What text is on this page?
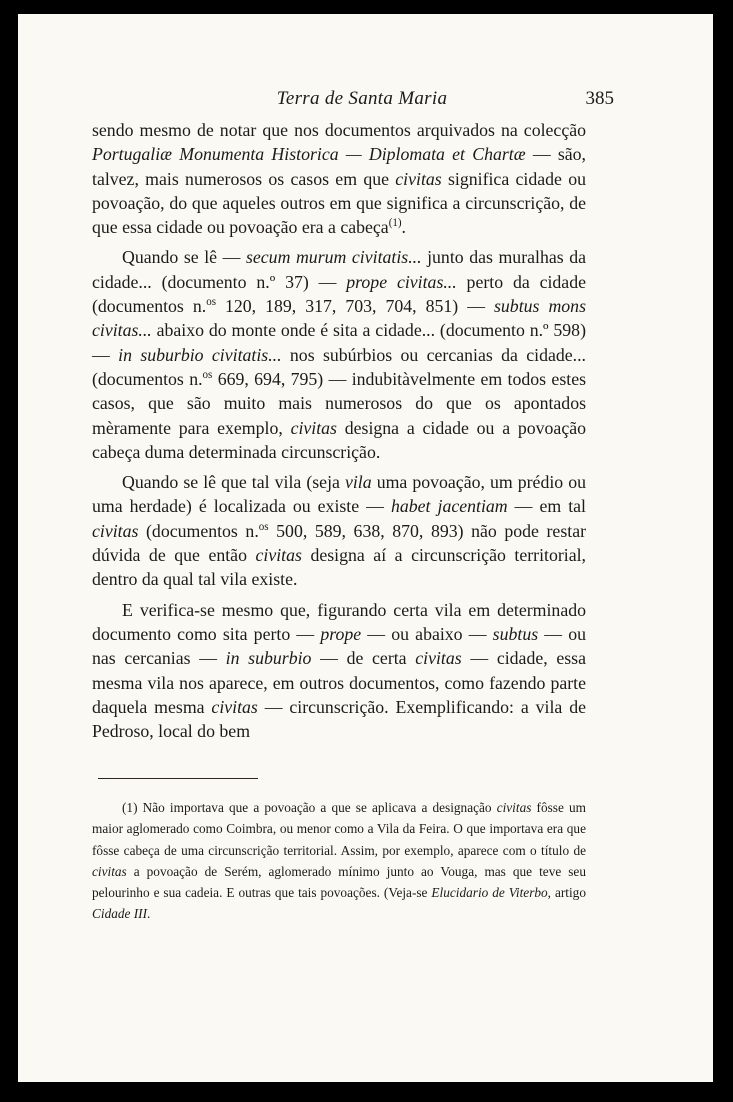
Terra de Santa Maria	385

sendo mesmo de notar que nos documentos arquivados na colecção Portugaliæ Monumenta Historica — Diplomata et Chartæ — são, talvez, mais numerosos os casos em que civitas significa cidade ou povoação, do que aqueles outros em que significa a circunscrição, de que essa cidade ou povoação era a cabeça$^{(1)}$.

Quando se lê — secum murum civitatis... junto das muralhas da cidade... (documento n.º 37) — prope civitas... perto da cidade (documentos n.$^{os}$ 120, 189, 317, 703, 704, 851) — subtus mons civitas... abaixo do monte onde é sita a cidade... (documento n.º 598) — in suburbio civitatis... nos subúrbios ou cercanias da cidade... (documentos n.$^{os}$ 669, 694, 795) — indubitàvelmente em todos estes casos, que são muito mais numerosos do que os apontados mèramente para exemplo, civitas designa a cidade ou a povoação cabeça duma determinada circunscrição.

Quando se lê que tal vila (seja vila uma povoação, um prédio ou uma herdade) é localizada ou existe — habet jacentiam — em tal civitas (documentos n.$^{os}$ 500, 589, 638, 870, 893) não pode restar dúvida de que então civitas designa aí a circunscrição territorial, dentro da qual tal vila existe.

E verifica-se mesmo que, figurando certa vila em determinado documento como sita perto — prope — ou abaixo — subtus — ou nas cercanias — in suburbio — de certa civitas — cidade, essa mesma vila nos aparece, em outros documentos, como fazendo parte daquela mesma civitas — circunscrição. Exemplificando: a vila de Pedroso, local do bem

(1) Não importava que a povoação a que se aplicava a designação civitas fôsse um maior aglomerado como Coimbra, ou menor como a Vila da Feira. O que importava era que fôsse cabeça de uma circunscrição territorial. Assim, por exemplo, aparece com o título de civitas a povoação de Serém, aglomerado mínimo junto ao Vouga, mas que teve seu pelourinho e sua cadeia. E outras que tais povoações. (Veja-se Elucidario de Viterbo, artigo Cidade III.
